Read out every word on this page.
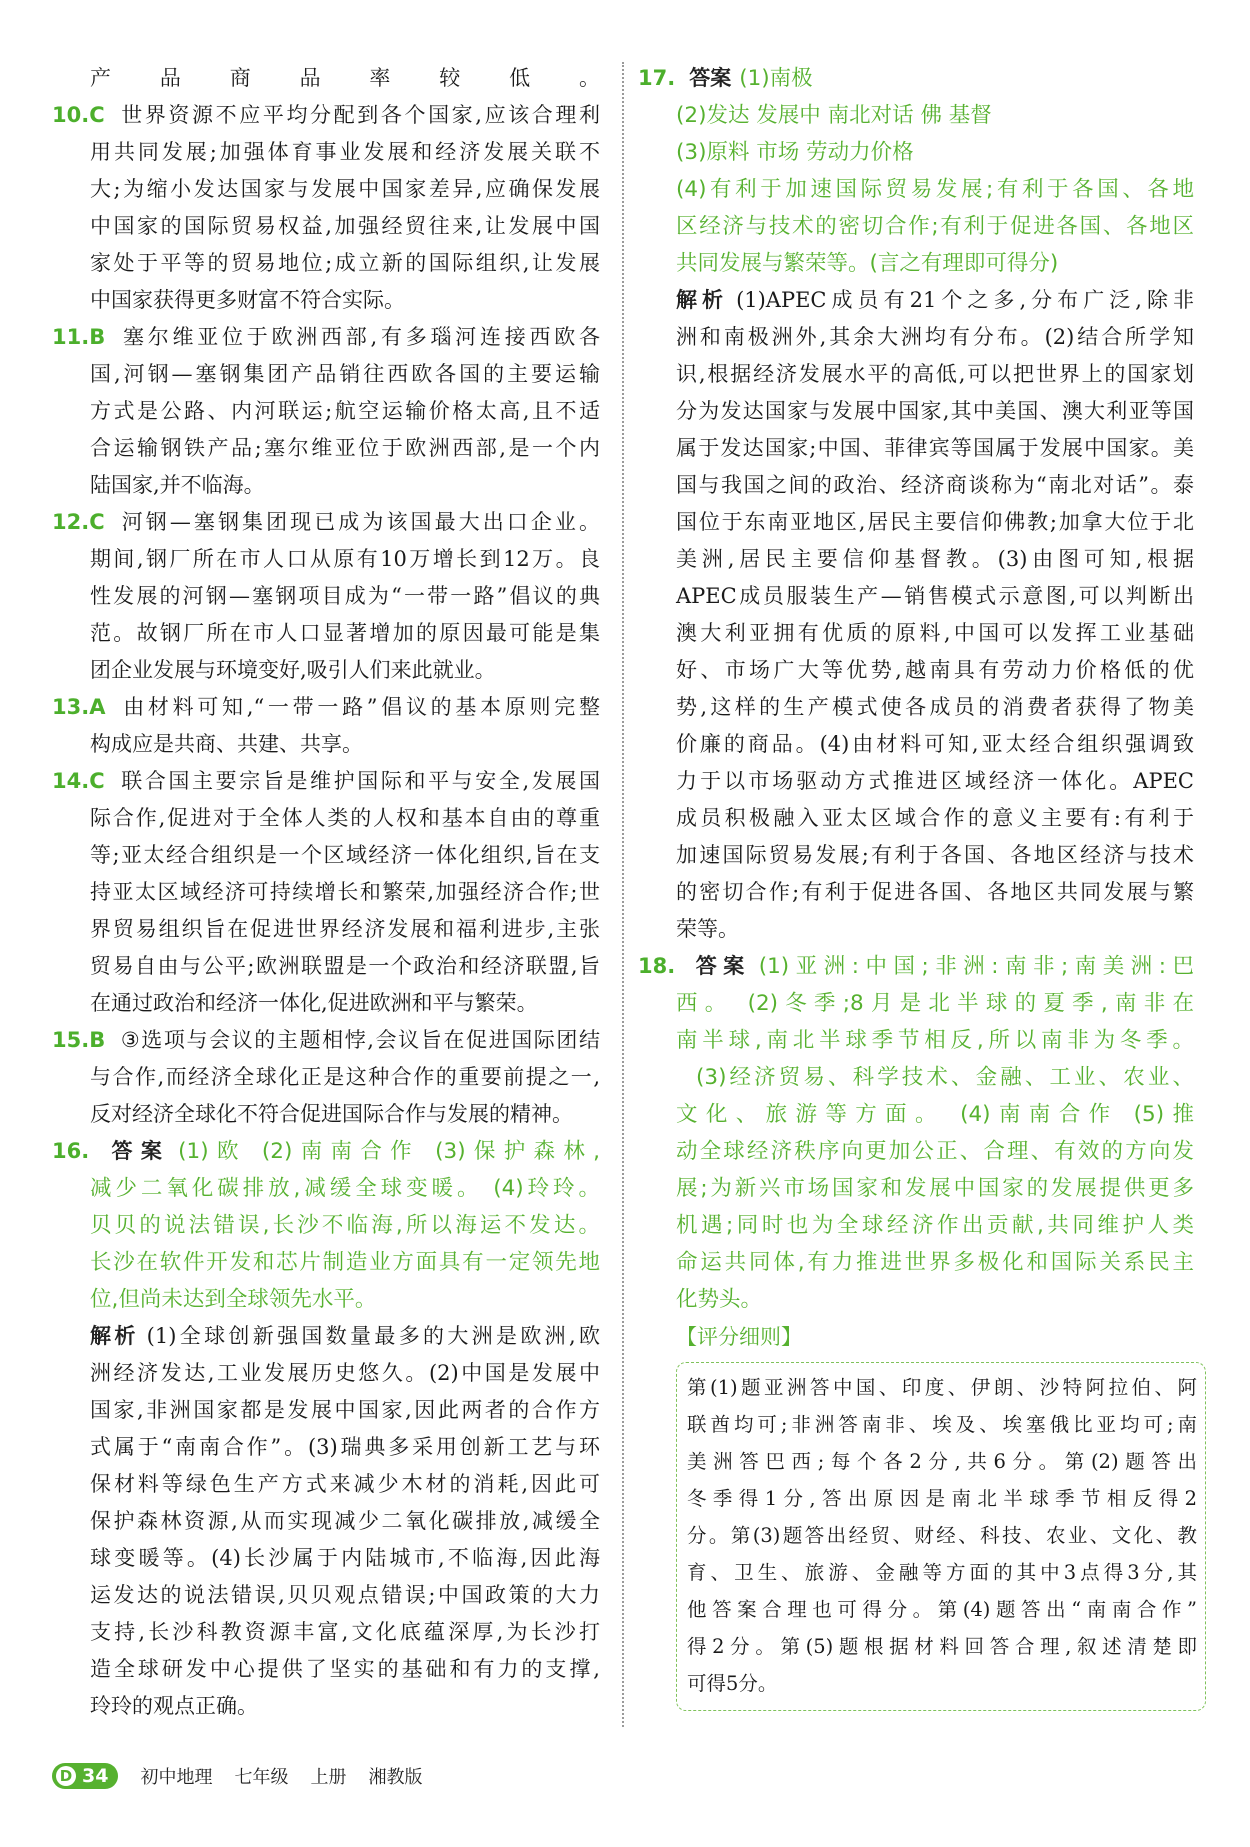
产品商品率较低。

10.C 世界资源不应平均分配到各个国家,应该合理利

用共同发展;加强体育事业发展和经济发展关联不

大;为缩小发达国家与发展中国家差异,应确保发展

中国家的国际贸易权益,加强经贸往来,让发展中国

家处于平等的贸易地位;成立新的国际组织,让发展

中国家获得更多财富不符合实际。

11.B 塞尔维亚位于欧洲西部,有多瑙河连接西欧各

国,河钢—塞钢集团产品销往西欧各国的主要运输

方式是公路、内河联运;航空运输价格太高,且不适

合运输钢铁产品;塞尔维亚位于欧洲西部,是一个内

陆国家,并不临海。

12.C 河钢—塞钢集团现已成为该国最大出口企业。

期间,钢厂所在市人口从原有10万增长到12万。良

性发展的河钢—塞钢项目成为“一带一路”倡议的典

范。故钢厂所在市人口显著增加的原因最可能是集

团企业发展与环境变好,吸引人们来此就业。

13.A 由材料可知,“一带一路”倡议的基本原则完整

构成应是共商、共建、共享。

14.C 联合国主要宗旨是维护国际和平与安全,发展国

际合作,促进对于全体人类的人权和基本自由的尊重

等;亚太经合组织是一个区域经济一体化组织,旨在支

持亚太区域经济可持续增长和繁荣,加强经济合作;世

界贸易组织旨在促进世界经济发展和福利进步,主张

贸易自由与公平;欧洲联盟是一个政治和经济联盟,旨

在通过政治和经济一体化,促进欧洲和平与繁荣。

15.B ③选项与会议的主题相悖,会议旨在促进国际团结

与合作,而经济全球化正是这种合作的重要前提之一,

反对经济全球化不符合促进国际合作与发展的精神。

16. 答案 (1)欧 (2)南南合作 (3)保护森林,

减少二氧化碳排放,减缓全球变暖。 (4)玲玲。

贝贝的说法错误,长沙不临海,所以海运不发达。

长沙在软件开发和芯片制造业方面具有一定领先地

位,但尚未达到全球领先水平。

解析 (1)全球创新强国数量最多的大洲是欧洲,欧

洲经济发达,工业发展历史悠久。(2)中国是发展中

国家,非洲国家都是发展中国家,因此两者的合作方

式属于“南南合作”。(3)瑞典多采用创新工艺与环

保材料等绿色生产方式来减少木材的消耗,因此可

保护森林资源,从而实现减少二氧化碳排放,减缓全

球变暖等。(4)长沙属于内陆城市,不临海,因此海

运发达的说法错误,贝贝观点错误;中国政策的大力

支持,长沙科教资源丰富,文化底蕴深厚,为长沙打

造全球研发中心提供了坚实的基础和有力的支撑,

玲玲的观点正确。

17. 答案 (1)南极

(2)发达 发展中 南北对话 佛 基督

(3)原料 市场 劳动力价格

(4)有利于加速国际贸易发展;有利于各国、各地

区经济与技术的密切合作;有利于促进各国、各地区

共同发展与繁荣等。(言之有理即可得分)

解析 (1)APEC成员有21个之多,分布广泛,除非

洲和南极洲外,其余大洲均有分布。(2)结合所学知

识,根据经济发展水平的高低,可以把世界上的国家划

分为发达国家与发展中国家,其中美国、澳大利亚等国

属于发达国家;中国、菲律宾等国属于发展中国家。美

国与我国之间的政治、经济商谈称为“南北对话”。泰

国位于东南亚地区,居民主要信仰佛教;加拿大位于北

美洲,居民主要信仰基督教。(3)由图可知,根据

APEC成员服装生产—销售模式示意图,可以判断出

澳大利亚拥有优质的原料,中国可以发挥工业基础

好、市场广大等优势,越南具有劳动力价格低的优

势,这样的生产模式使各成员的消费者获得了物美

价廉的商品。(4)由材料可知,亚太经合组织强调致

力于以市场驱动方式推进区域经济一体化。APEC

成员积极融入亚太区域合作的意义主要有:有利于

加速国际贸易发展;有利于各国、各地区经济与技术

的密切合作;有利于促进各国、各地区共同发展与繁

荣等。

18. 答案 (1)亚洲:中国;非洲:南非;南美洲:巴

西。 (2)冬季;8月是北半球的夏季,南非在

南半球,南北半球季节相反,所以南非为冬季。

(3)经济贸易、科学技术、金融、工业、农业、

文化、旅游等方面。 (4)南南合作 (5)推

动全球经济秩序向更加公正、合理、有效的方向发

展;为新兴市场国家和发展中国家的发展提供更多

机遇;同时也为全球经济作出贡献,共同维护人类

命运共同体,有力推进世界多极化和国际关系民主

化势头。

【评分细则】

第(1)题亚洲答中国、印度、伊朗、沙特阿拉伯、阿

联酋均可;非洲答南非、埃及、埃塞俄比亚均可;南

美洲答巴西;每个各2分,共6分。第(2)题答出

冬季得1分,答出原因是南北半球季节相反得2

分。第(3)题答出经贸、财经、科技、农业、文化、教

育、卫生、旅游、金融等方面的其中3点得3分,其

他答案合理也可得分。第(4)题答出“南南合作”

得2分。第(5)题根据材料回答合理,叙述清楚即

可得5分。

D 34 初中地理 七年级 上册 湘教版
